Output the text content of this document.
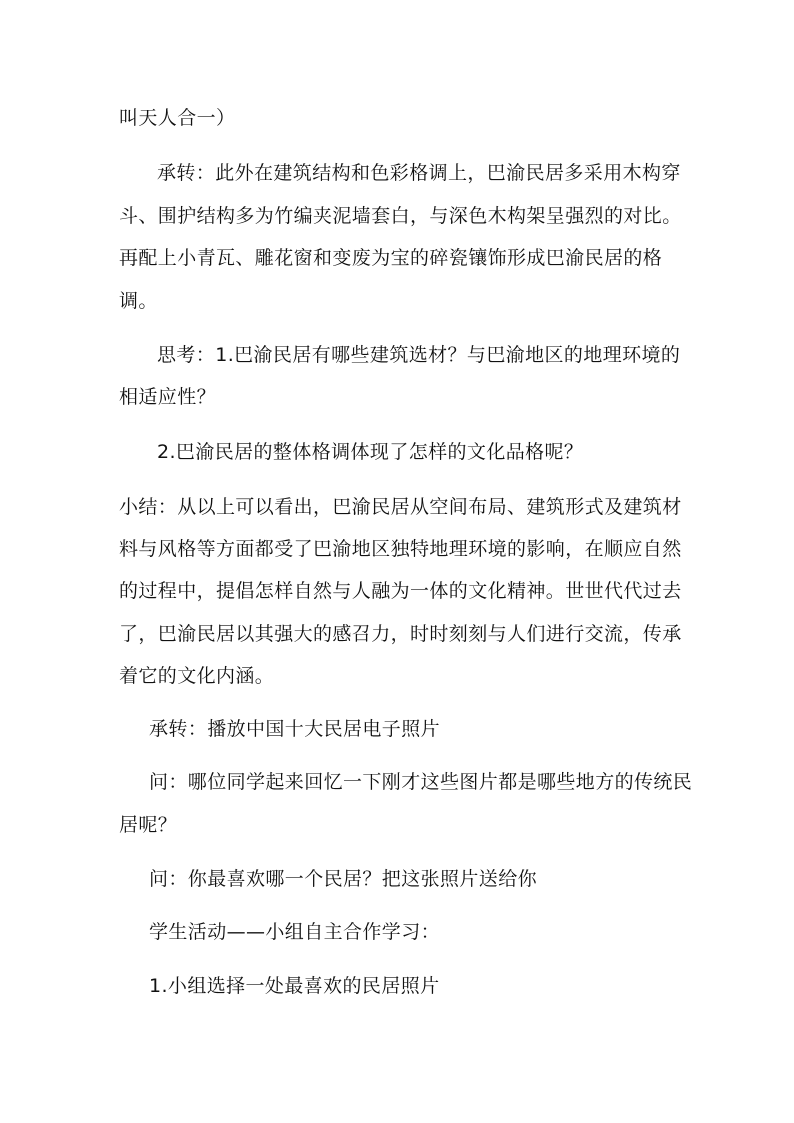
叫天人合一）
承转：此外在建筑结构和色彩格调上，巴渝民居多采用木构穿
斗、围护结构多为竹编夹泥墙套白，与深色木构架呈强烈的对比。
再配上小青瓦、雕花窗和变废为宝的碎瓷镶饰形成巴渝民居的格
调。
思考：1.巴渝民居有哪些建筑选材？与巴渝地区的地理环境的
相适应性？
2.巴渝民居的整体格调体现了怎样的文化品格呢？
小结：从以上可以看出，巴渝民居从空间布局、建筑形式及建筑材
料与风格等方面都受了巴渝地区独特地理环境的影响，在顺应自然
的过程中，提倡怎样自然与人融为一体的文化精神。世世代代过去
了，巴渝民居以其强大的感召力，时时刻刻与人们进行交流，传承
着它的文化内涵。
承转：播放中国十大民居电子照片
问：哪位同学起来回忆一下刚才这些图片都是哪些地方的传统民
居呢？
问：你最喜欢哪一个民居？把这张照片送给你
学生活动——小组自主合作学习：
1.小组选择一处最喜欢的民居照片
